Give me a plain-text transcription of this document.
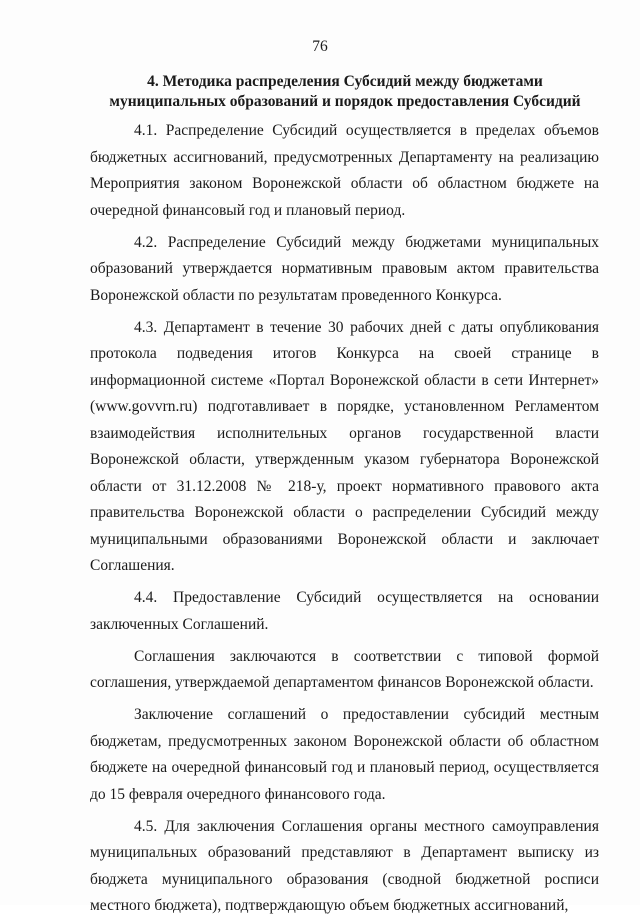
76
4. Методика распределения Субсидий между бюджетами
муниципальных образований и порядок предоставления Субсидий

4.1. Распределение Субсидий осуществляется в пределах объемов бюджетных ассигнований, предусмотренных Департаменту на реализацию Мероприятия законом Воронежской области об областном бюджете на очередной финансовый год и плановый период.

4.2. Распределение Субсидий между бюджетами муниципальных образований утверждается нормативным правовым актом правительства Воронежской области по результатам проведенного Конкурса.

4.3. Департамент в течение 30 рабочих дней с даты опубликования протокола подведения итогов Конкурса на своей странице в информационной системе «Портал Воронежской области в сети Интернет» (www.govvrn.ru) подготавливает в порядке, установленном Регламентом взаимодействия исполнительных органов государственной власти Воронежской области, утвержденным указом губернатора Воронежской области от 31.12.2008 № 218-у, проект нормативного правового акта правительства Воронежской области о распределении Субсидий между муниципальными образованиями Воронежской области и заключает Соглашения.

4.4. Предоставление Субсидий осуществляется на основании заключенных Соглашений.

Соглашения заключаются в соответствии с типовой формой соглашения, утверждаемой департаментом финансов Воронежской области.

Заключение соглашений о предоставлении субсидий местным бюджетам, предусмотренных законом Воронежской области об областном бюджете на очередной финансовый год и плановый период, осуществляется до 15 февраля очередного финансового года.

4.5. Для заключения Соглашения органы местного самоуправления муниципальных образований представляют в Департамент выписку из бюджета муниципального образования (сводной бюджетной росписи местного бюджета), подтверждающую объем бюджетных ассигнований,
